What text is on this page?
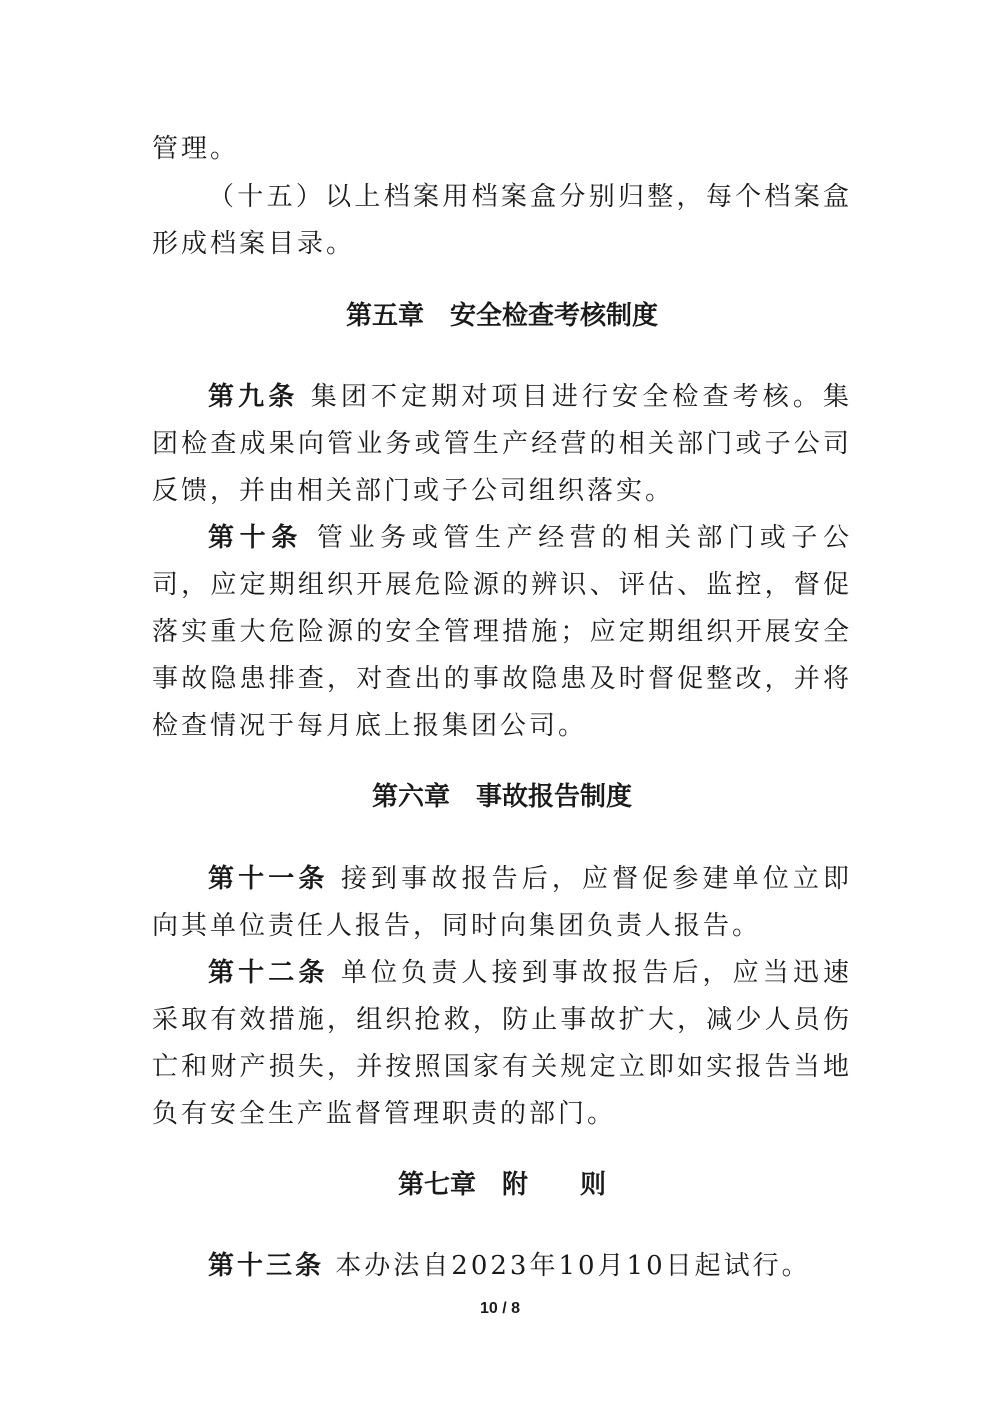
管理。

（十五）以上档案用档案盒分别归整，每个档案盒形成档案目录。

第五章　安全检查考核制度

第九条 集团不定期对项目进行安全检查考核。集团检查成果向管业务或管生产经营的相关部门或子公司反馈，并由相关部门或子公司组织落实。

第十条 管业务或管生产经营的相关部门或子公司，应定期组织开展危险源的辨识、评估、监控，督促落实重大危险源的安全管理措施；应定期组织开展安全事故隐患排查，对查出的事故隐患及时督促整改，并将检查情况于每月底上报集团公司。

第六章　事故报告制度

第十一条 接到事故报告后，应督促参建单位立即向其单位责任人报告，同时向集团负责人报告。

第十二条 单位负责人接到事故报告后，应当迅速采取有效措施，组织抢救，防止事故扩大，减少人员伤亡和财产损失，并按照国家有关规定立即如实报告当地负有安全生产监督管理职责的部门。

第七章　附　　则

第十三条 本办法自2023年10月10日起试行。

10 / 8
